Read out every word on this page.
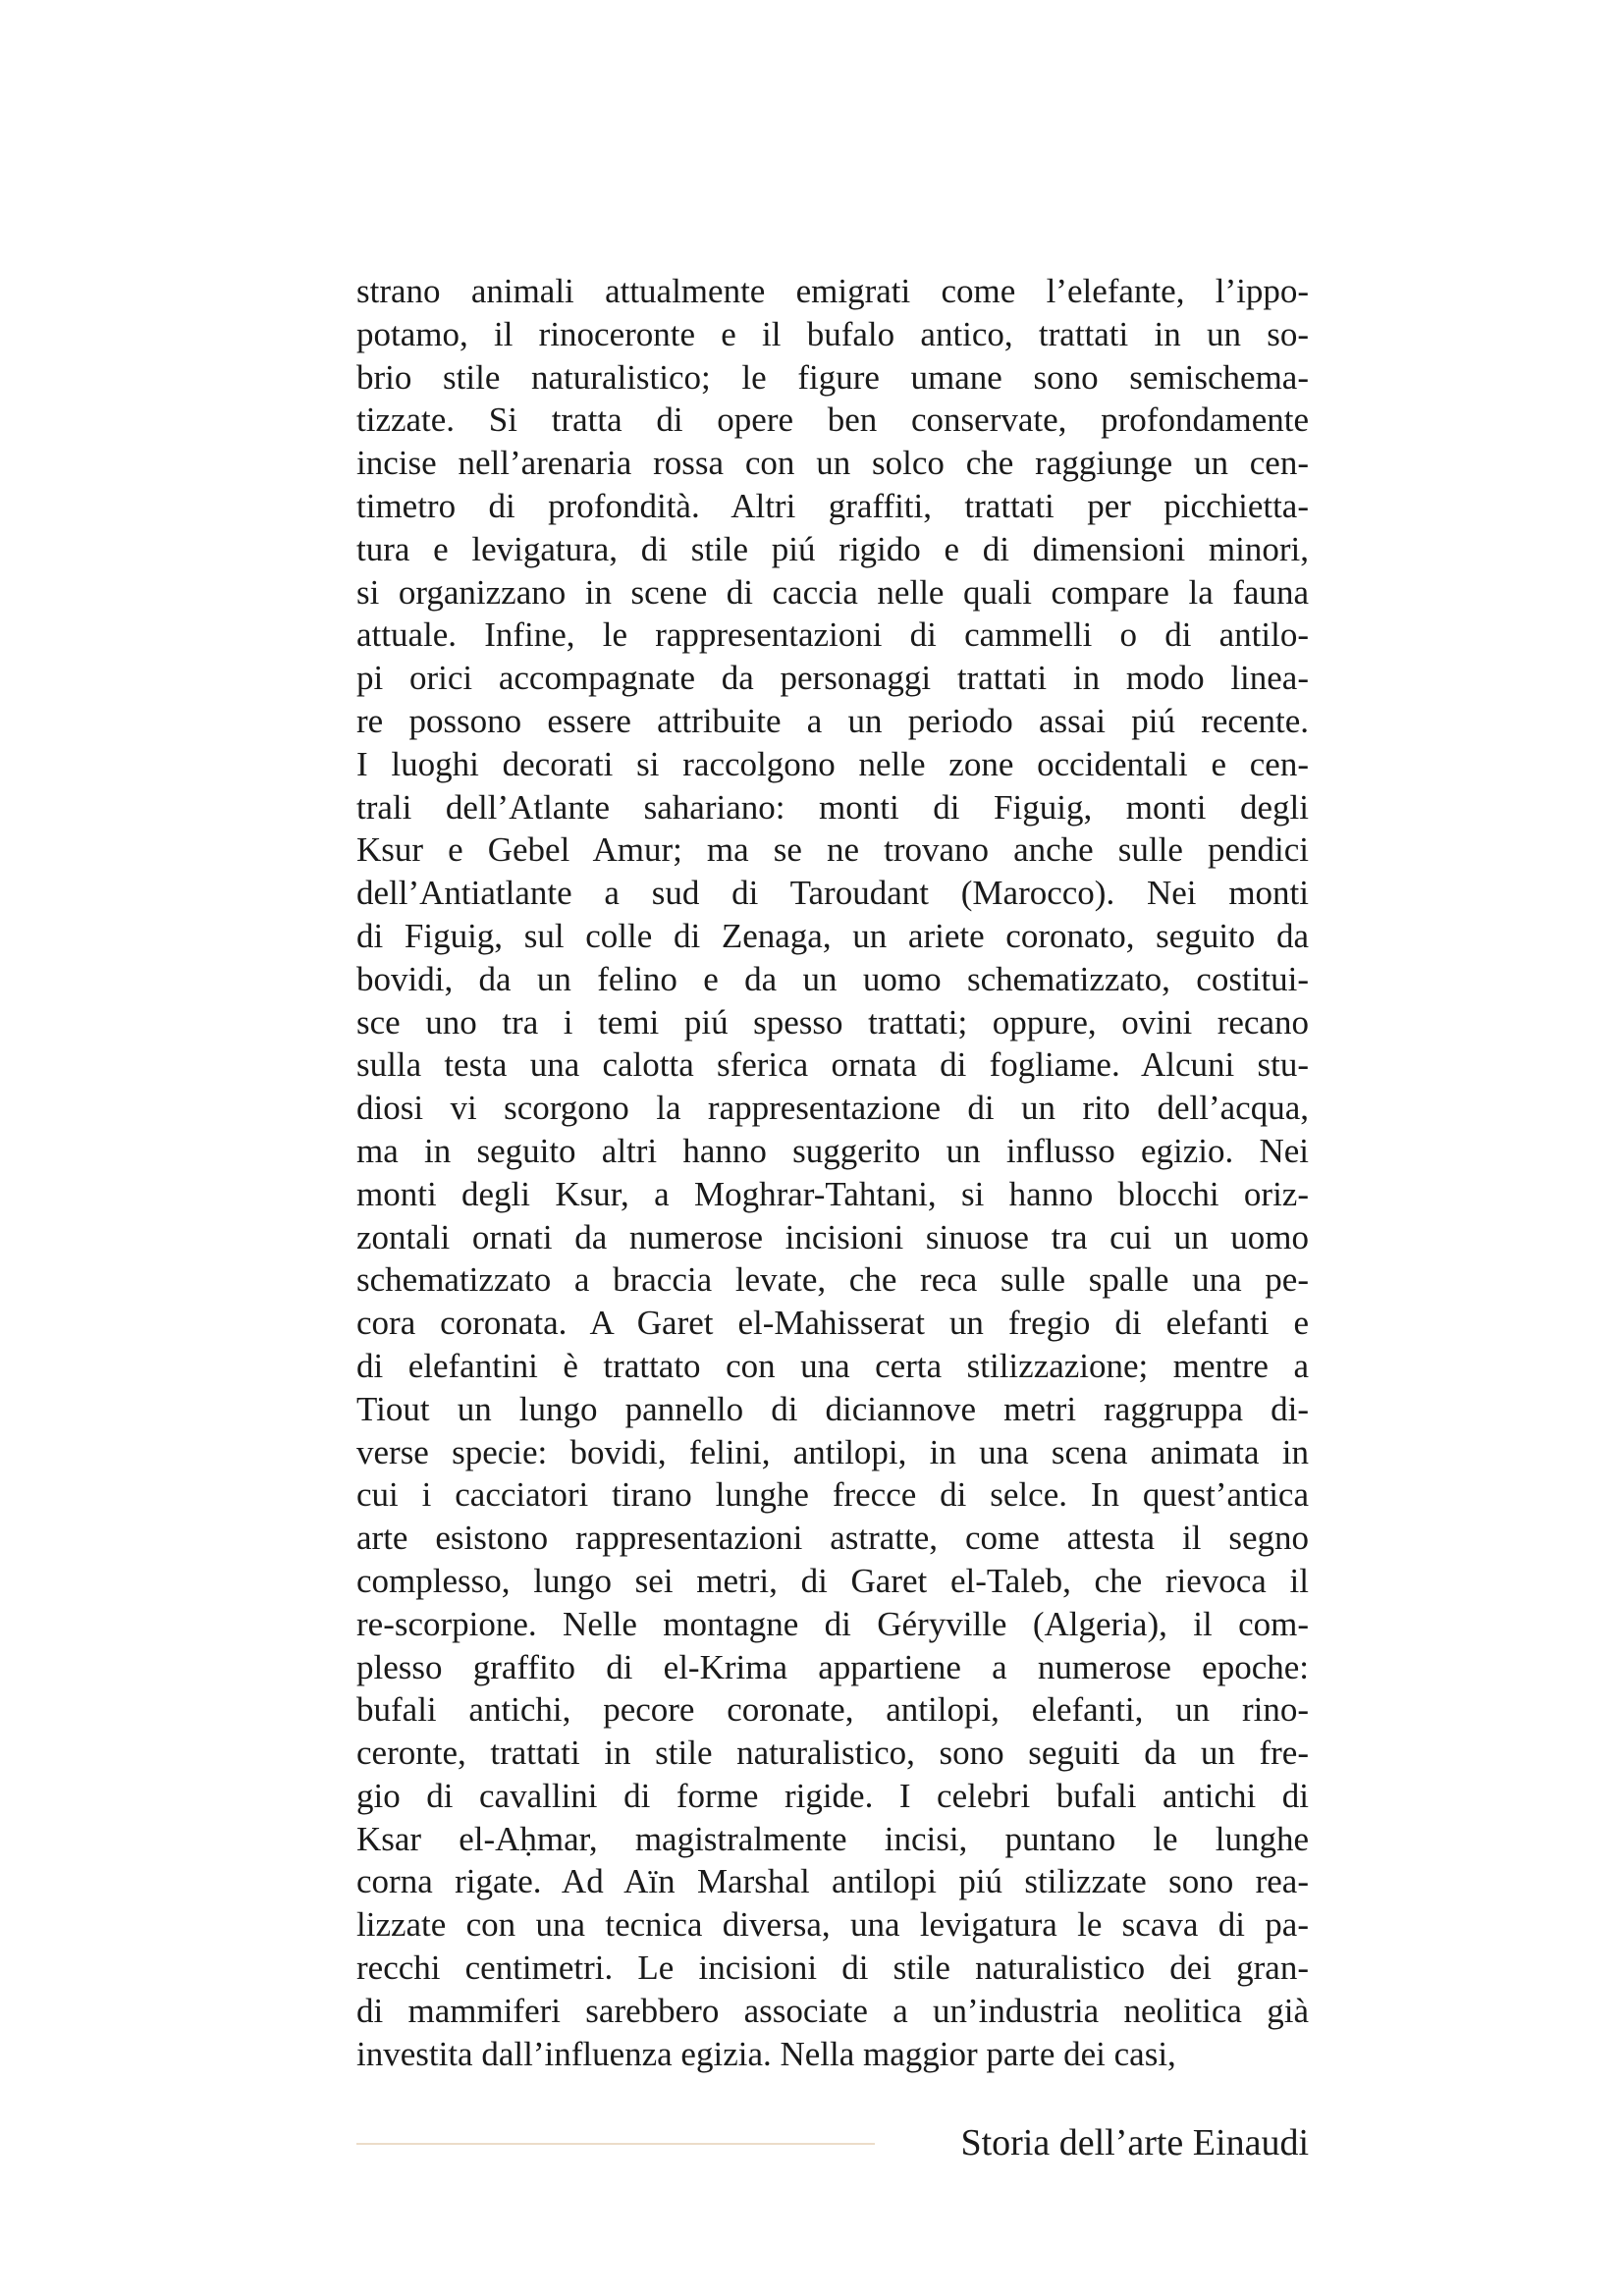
strano animali attualmente emigrati come l’elefante, l’ippo-
potamo, il rinoceronte e il bufalo antico, trattati in un so-
brio stile naturalistico; le figure umane sono semischema-
tizzate. Si tratta di opere ben conservate, profondamente
incise nell’arenaria rossa con un solco che raggiunge un cen-
timetro di profondità. Altri graffiti, trattati per picchietta-
tura e levigatura, di stile piú rigido e di dimensioni minori,
si organizzano in scene di caccia nelle quali compare la fauna
attuale. Infine, le rappresentazioni di cammelli o di antilo-
pi orici accompagnate da personaggi trattati in modo linea-
re possono essere attribuite a un periodo assai piú recente.
I luoghi decorati si raccolgono nelle zone occidentali e cen-
trali dell’Atlante sahariano: monti di Figuig, monti degli
Ksur e Gebel Amur; ma se ne trovano anche sulle pendici
dell’Antiatlante a sud di Taroudant (Marocco). Nei monti
di Figuig, sul colle di Zenaga, un ariete coronato, seguito da
bovidi, da un felino e da un uomo schematizzato, costitui-
sce uno tra i temi piú spesso trattati; oppure, ovini recano
sulla testa una calotta sferica ornata di fogliame. Alcuni stu-
diosi vi scorgono la rappresentazione di un rito dell’acqua,
ma in seguito altri hanno suggerito un influsso egizio. Nei
monti degli Ksur, a Moghrar-Tahtani, si hanno blocchi oriz-
zontali ornati da numerose incisioni sinuose tra cui un uomo
schematizzato a braccia levate, che reca sulle spalle una pe-
cora coronata. A Garet el-Mahisserat un fregio di elefanti e
di elefantini è trattato con una certa stilizzazione; mentre a
Tiout un lungo pannello di diciannove metri raggruppa di-
verse specie: bovidi, felini, antilopi, in una scena animata in
cui i cacciatori tirano lunghe frecce di selce. In quest’antica
arte esistono rappresentazioni astratte, come attesta il segno
complesso, lungo sei metri, di Garet el-Taleb, che rievoca il
re-scorpione. Nelle montagne di Géryville (Algeria), il com-
plesso graffito di el-Krima appartiene a numerose epoche:
bufali antichi, pecore coronate, antilopi, elefanti, un rino-
ceronte, trattati in stile naturalistico, sono seguiti da un fre-
gio di cavallini di forme rigide. I celebri bufali antichi di
Ksar el-Aḥmar, magistralmente incisi, puntano le lunghe
corna rigate. Ad Aïn Marshal antilopi piú stilizzate sono rea-
lizzate con una tecnica diversa, una levigatura le scava di pa-
recchi centimetri. Le incisioni di stile naturalistico dei gran-
di mammiferi sarebbero associate a un’industria neolitica già
investita dall’influenza egizia. Nella maggior parte dei casi,
Storia dell’arte Einaudi
